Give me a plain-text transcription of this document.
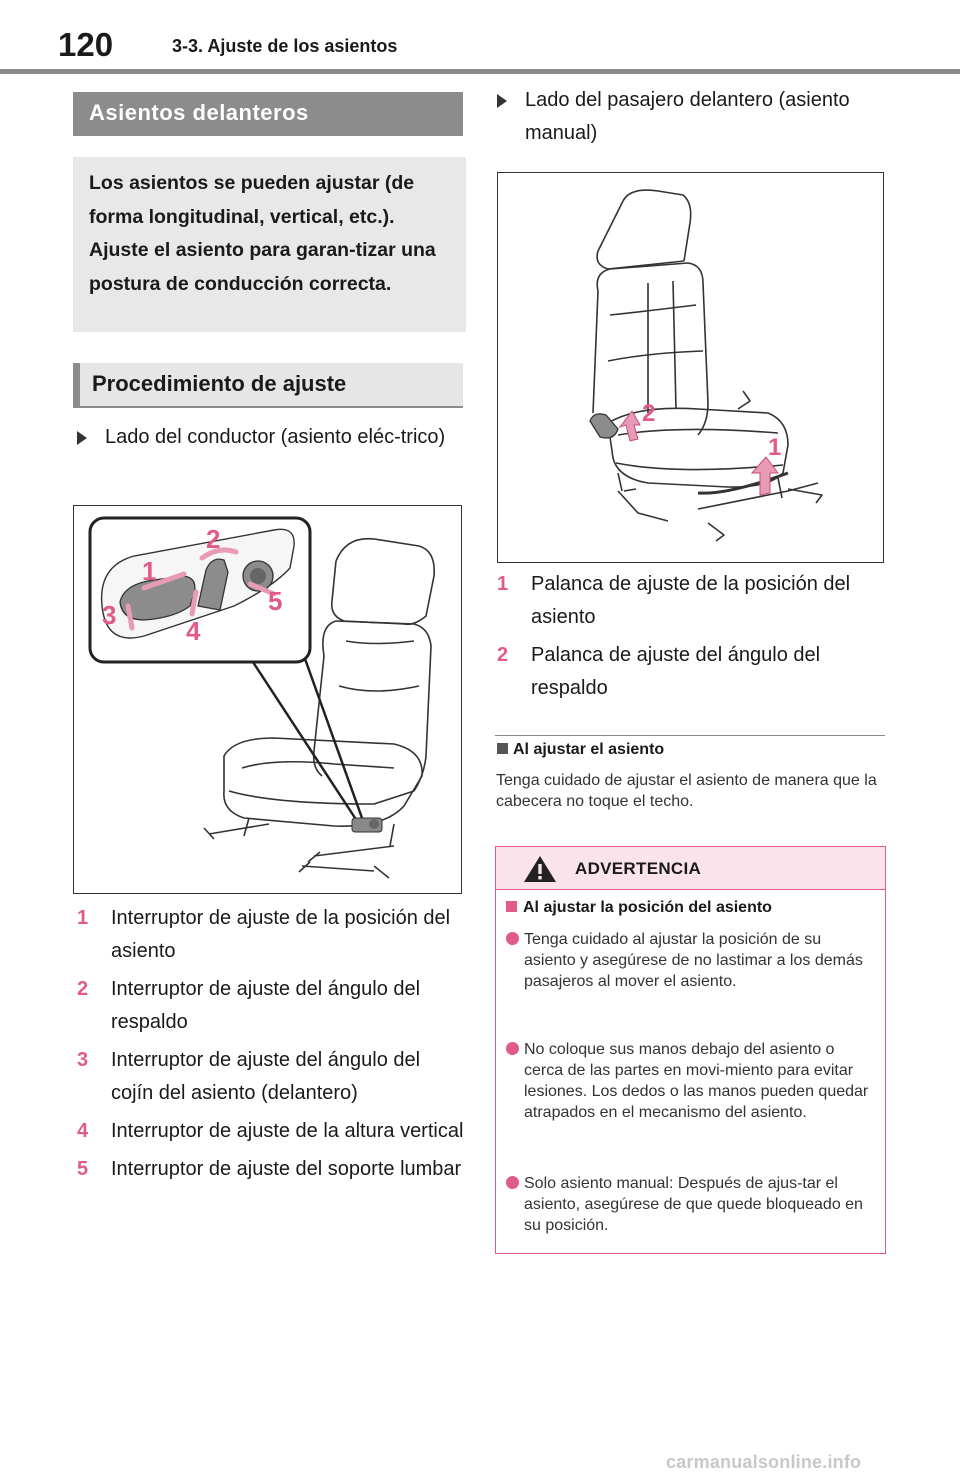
120	3-3. Ajuste de los asientos
Asientos delanteros
Los asientos se pueden ajustar (de forma longitudinal, vertical, etc.). Ajuste el asiento para garan-tizar una postura de conducción correcta.
Procedimiento de ajuste
Lado del conductor (asiento eléc-trico)
1
2
3
4
5
1 Interruptor de ajuste de la posición del asiento
2 Interruptor de ajuste del ángulo del respaldo
3 Interruptor de ajuste del ángulo del cojín del asiento (delantero)
4 Interruptor de ajuste de la altura vertical
5 Interruptor de ajuste del soporte lumbar
Lado del pasajero delantero (asiento manual)
1
2
1 Palanca de ajuste de la posición del asiento
2 Palanca de ajuste del ángulo del respaldo
Al ajustar el asiento
Tenga cuidado de ajustar el asiento de manera que la cabecera no toque el techo.
ADVERTENCIA
Al ajustar la posición del asiento
Tenga cuidado al ajustar la posición de su asiento y asegúrese de no lastimar a los demás pasajeros al mover el asiento.
No coloque sus manos debajo del asiento o cerca de las partes en movi-miento para evitar lesiones. Los dedos o las manos pueden quedar atrapados en el mecanismo del asiento.
Solo asiento manual: Después de ajus-tar el asiento, asegúrese de que quede bloqueado en su posición.
carmanualsonline.info
